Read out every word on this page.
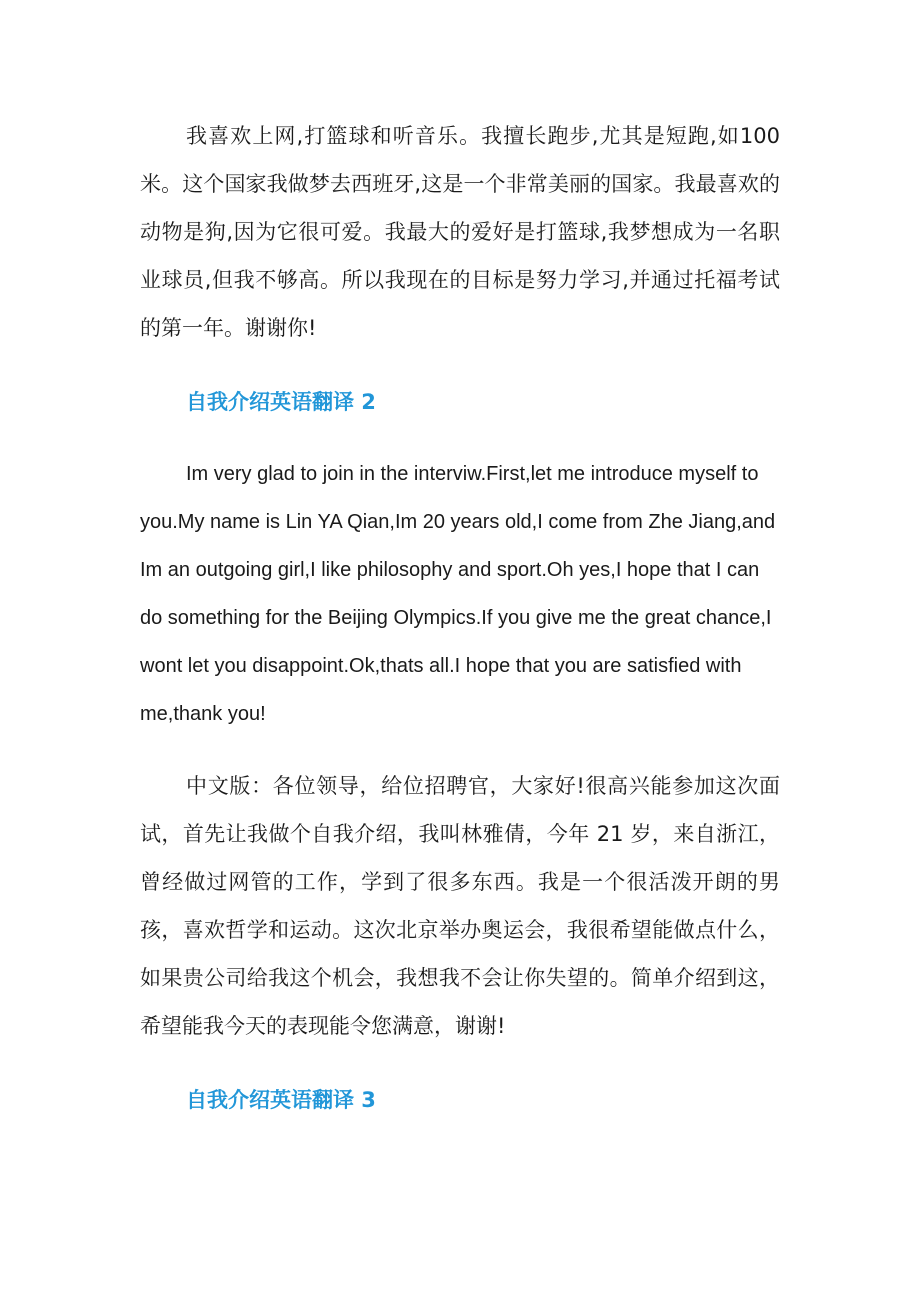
我喜欢上网,打篮球和听音乐。我擅长跑步,尤其是短跑,如100 米。这个国家我做梦去西班牙,这是一个非常美丽的国家。我最喜欢的动物是狗,因为它很可爱。我最大的爱好是打篮球,我梦想成为一名职业球员,但我不够高。所以我现在的目标是努力学习,并通过托福考试的第一年。谢谢你!

自我介绍英语翻译 2

Im very glad to join in the interviw.First,let me introduce myself to you.My name is Lin YA Qian,Im 20 years old,I come from Zhe Jiang,and Im an outgoing girl,I like philosophy and sport.Oh yes,I hope that I can do something for the Beijing Olympics.If you give me the great chance,I wont let you disappoint.Ok,thats all.I hope that you are satisfied with me,thank you!

中文版：各位领导，给位招聘官，大家好!很高兴能参加这次面试，首先让我做个自我介绍，我叫林雅倩，今年 21 岁，来自浙江，曾经做过网管的工作，学到了很多东西。我是一个很活泼开朗的男孩，喜欢哲学和运动。这次北京举办奥运会，我很希望能做点什么，如果贵公司给我这个机会，我想我不会让你失望的。简单介绍到这，希望能我今天的表现能令您满意，谢谢!

自我介绍英语翻译 3
